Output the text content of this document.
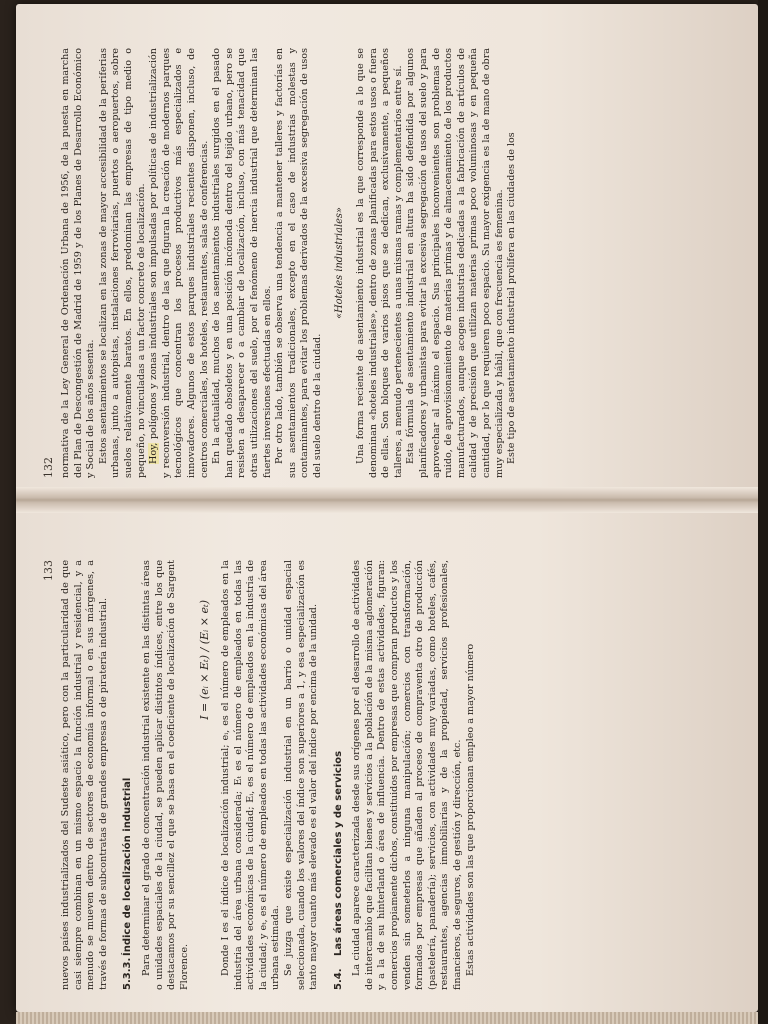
132 normativa de la Ley General de Ordenación Urbana de 1956, de la puesta en marcha del Plan de Descongestión de Madrid de 1959 y de los Planes de Desarrollo Económico y Social de los años sesenta. Estos asentamientos se localizan en las zonas de mayor accesibilidad de la periferias urbanas, junto a autopistas, instalaciones ferroviarias, puertos o aeropuertos, sobre suelos relativamente baratos. En ellos, predominan las empresas de tipo medio o pequeño, no vinculadas a un factor concreto de localización. Hoy, polígonos y zonas industriales son impulsadas por políticas de industrialización y reconversión industrial, dentro de las que figuran la creación de modernos parques tecnológicos que concentran los procesos productivos más especializados e innovadores. Algunos de estos parques industriales recientes disponen, incluso, de centros comerciales, los hoteles, restaurantes, salas de conferencias. En la actualidad, muchos de los asentamientos industriales surgidos en el pasado han quedado obsoletos y en una posición incómoda dentro del tejido urbano, pero se resisten a desaparecer o a cambiar de localización, incluso, con más tenacidad que otras utilizaciones del suelo, por el fenómeno de inercia industrial que determinan las fuertes inversiones efectuadas en ellos. Por otro lado, también se observa una tendencia a mantener talleres y factorías en sus asentamientos tradicionales, excepto en el caso de industrias molestas y contaminantes, para evitar los problemas derivados de la excesiva segregación de usos del suelo dentro de la ciudad.

«Hoteles industriales» Una forma reciente de asentamiento industrial es la que corresponde a lo que se denominan «hoteles industriales», dentro de zonas planificadas para estos usos o fuera de ellas. Son bloques de varios pisos que se dedican, exclusivamente, a pequeños talleres, a menudo pertenecientes a unas mismas ramas y complementarios entre sí. Esta fórmula de asentamiento industrial en altura ha sido defendida por algunos planificadores y urbanistas para evitar la excesiva segregación de usos del suelo y para aprovechar al máximo el espacio. Sus principales inconvenientes son problemas de ruido, de aprovisionamiento de materias primas y de almacenamiento de los productos manufacturados, aunque acogen industrias dedicadas a la fabricación de artículos de calidad y de precisión que utilizan materias primas poco voluminosas y en pequeña cantidad, por lo que requieren poco espacio. Su mayor exigencia es la de mano de obra muy especializada y hábil, que con frecuencia es femenina. Este tipo de asentamiento industrial prolifera en las ciudades de los

133 nuevos países industrializados del Sudeste asiático, pero con la particularidad de que casi siempre combinan en un mismo espacio la función industrial y residencial, y a menudo se mueven dentro de sectores de economía informal o en sus márgenes, a través de formas de subcontratas de grandes empresas o de piratería industrial. 5.3.3.Índice de localización industrial Para determinar el grado de concentración industrial existente en las distintas áreas o unidades espaciales de la ciudad, se pueden aplicar distintos índices, entre los que destacamos por su sencillez el que se basa en el coeficiente de localización de Sargent Florence.

I = (eᵢ × Eₜ) / (Eᵢ × eₜ) Donde I es el índice de localización industrial; eᵢ, es el número de empleados en la industria del área urbana considerada; Eₜ es el número de empleados en todas las actividades económicas de la ciudad; Eᵢ, es el número de empleados en la industria de la ciudad; y eₜ, es el número de empleados en todas las actividades económicas del área urbana estimada. Se juzga que existe especialización industrial en un barrio o unidad espacial seleccionada, cuando los valores del índice son superiores a 1, y esa especialización es tanto mayor cuanto más elevado es el valor del índice por encima de la unidad. 5.4.Las áreas comerciales y de servicios La ciudad aparece caracterizada desde sus orígenes por el desarrollo de actividades de intercambio que facilitan bienes y servicios a la población de la misma aglomeración y a la de su hinterland o área de influencia. Dentro de estas actividades, figuran: comercios propiamente dichos, constituidos por empresas que compran productos y los venden sin someterlos a ninguna manipulación; comercios con transformación, formados por empresas que añaden al proceso de compraventa otro de producción (pastelería, panadería); servicios, con actividades muy variadas, como hoteles, cafés, restaurantes, agencias inmobiliarias y de la propiedad, servicios profesionales, financieros, de seguros, de gestión y dirección, etc. Estas actividades son las que proporcionan empleo a mayor número
